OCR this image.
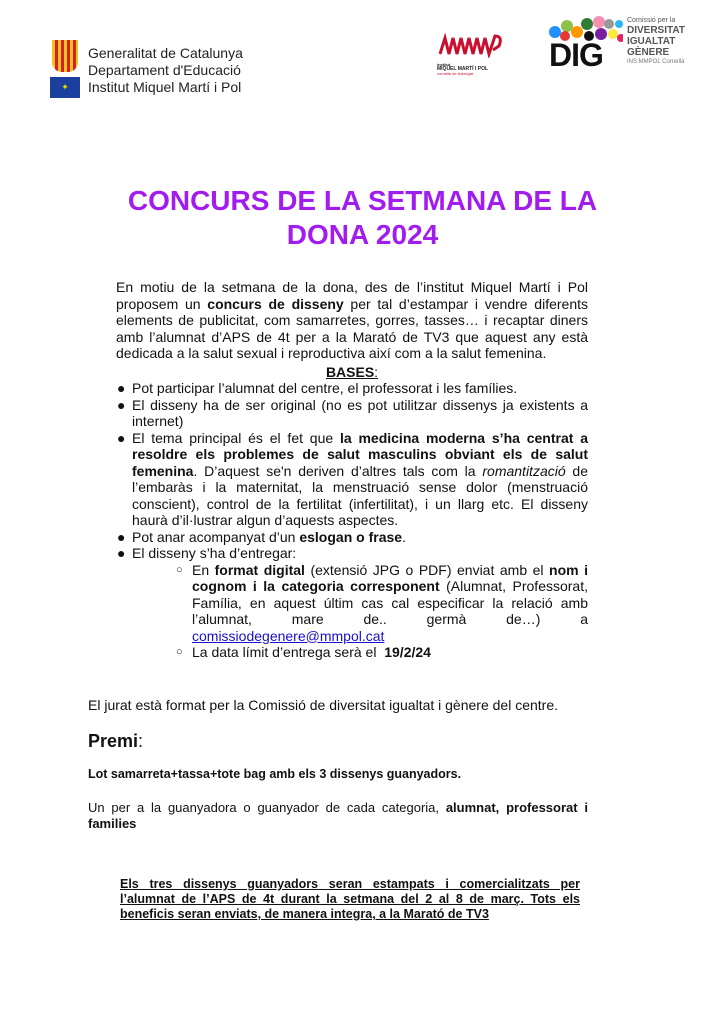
✦
Generalitat de Catalunya
Departament d'Educació
Institut Miquel Martí i Pol
institut
MIQUEL MARTÍ I POL
cornellà de llobregat
DIG
Comissió per la
DIVERSITAT
IGUALTAT
GÈNERE
INS MMPOL Cornellà
CONCURS DE LA SETMANA DE LA
DONA 2024
En motiu de la setmana de la dona, des de l’institut Miquel Martí i Pol proposem un concurs de disseny per tal d’estampar i vendre diferents elements de publicitat, com samarretes, gorres, tasses… i recaptar diners amb l’alumnat d’APS de 4t per a la Marató de TV3 que aquest any està dedicada a la salut sexual i reproductiva així com a la salut femenina.
BASES:
● Pot participar l’alumnat del centre, el professorat i les famílies.
● El disseny ha de ser original (no es pot utilitzar dissenys ja existents a internet)
● El tema principal és el fet que la medicina moderna s’ha centrat a resoldre els problemes de salut masculins obviant els de salut femenina. D’aquest se'n deriven d’altres tals com la romantització de l’embaràs i la maternitat, la menstruació sense dolor (menstruació conscient), control de la fertilitat (infertilitat), i un llarg etc. El disseny haurà d’il·lustrar algun d’aquests aspectes.
● Pot anar acompanyat d’un eslogan o frase.
● El disseny s’ha d’entregar:
○ En format digital (extensió JPG o PDF) enviat amb el nom i cognom i la categoria corresponent (Alumnat, Professorat, Família, en aquest últim cas cal especificar la relació amb l’alumnat, mare de.. germà de…) a comissiodegenere@mmpol.cat
○ La data límit d’entrega serà el  19/2/24
El jurat està format per la Comissió de diversitat igualtat i gènere del centre.
Premi:
Lot samarreta+tassa+tote bag amb els 3 dissenys guanyadors.
Un per a la guanyadora o guanyador de cada categoria, alumnat, professorat i families
Els tres dissenys guanyadors seran estampats i comercialitzats per l’alumnat de l’APS de 4t durant la setmana del 2 al 8 de març. Tots els beneficis seran enviats, de manera integra, a la Marató de TV3
